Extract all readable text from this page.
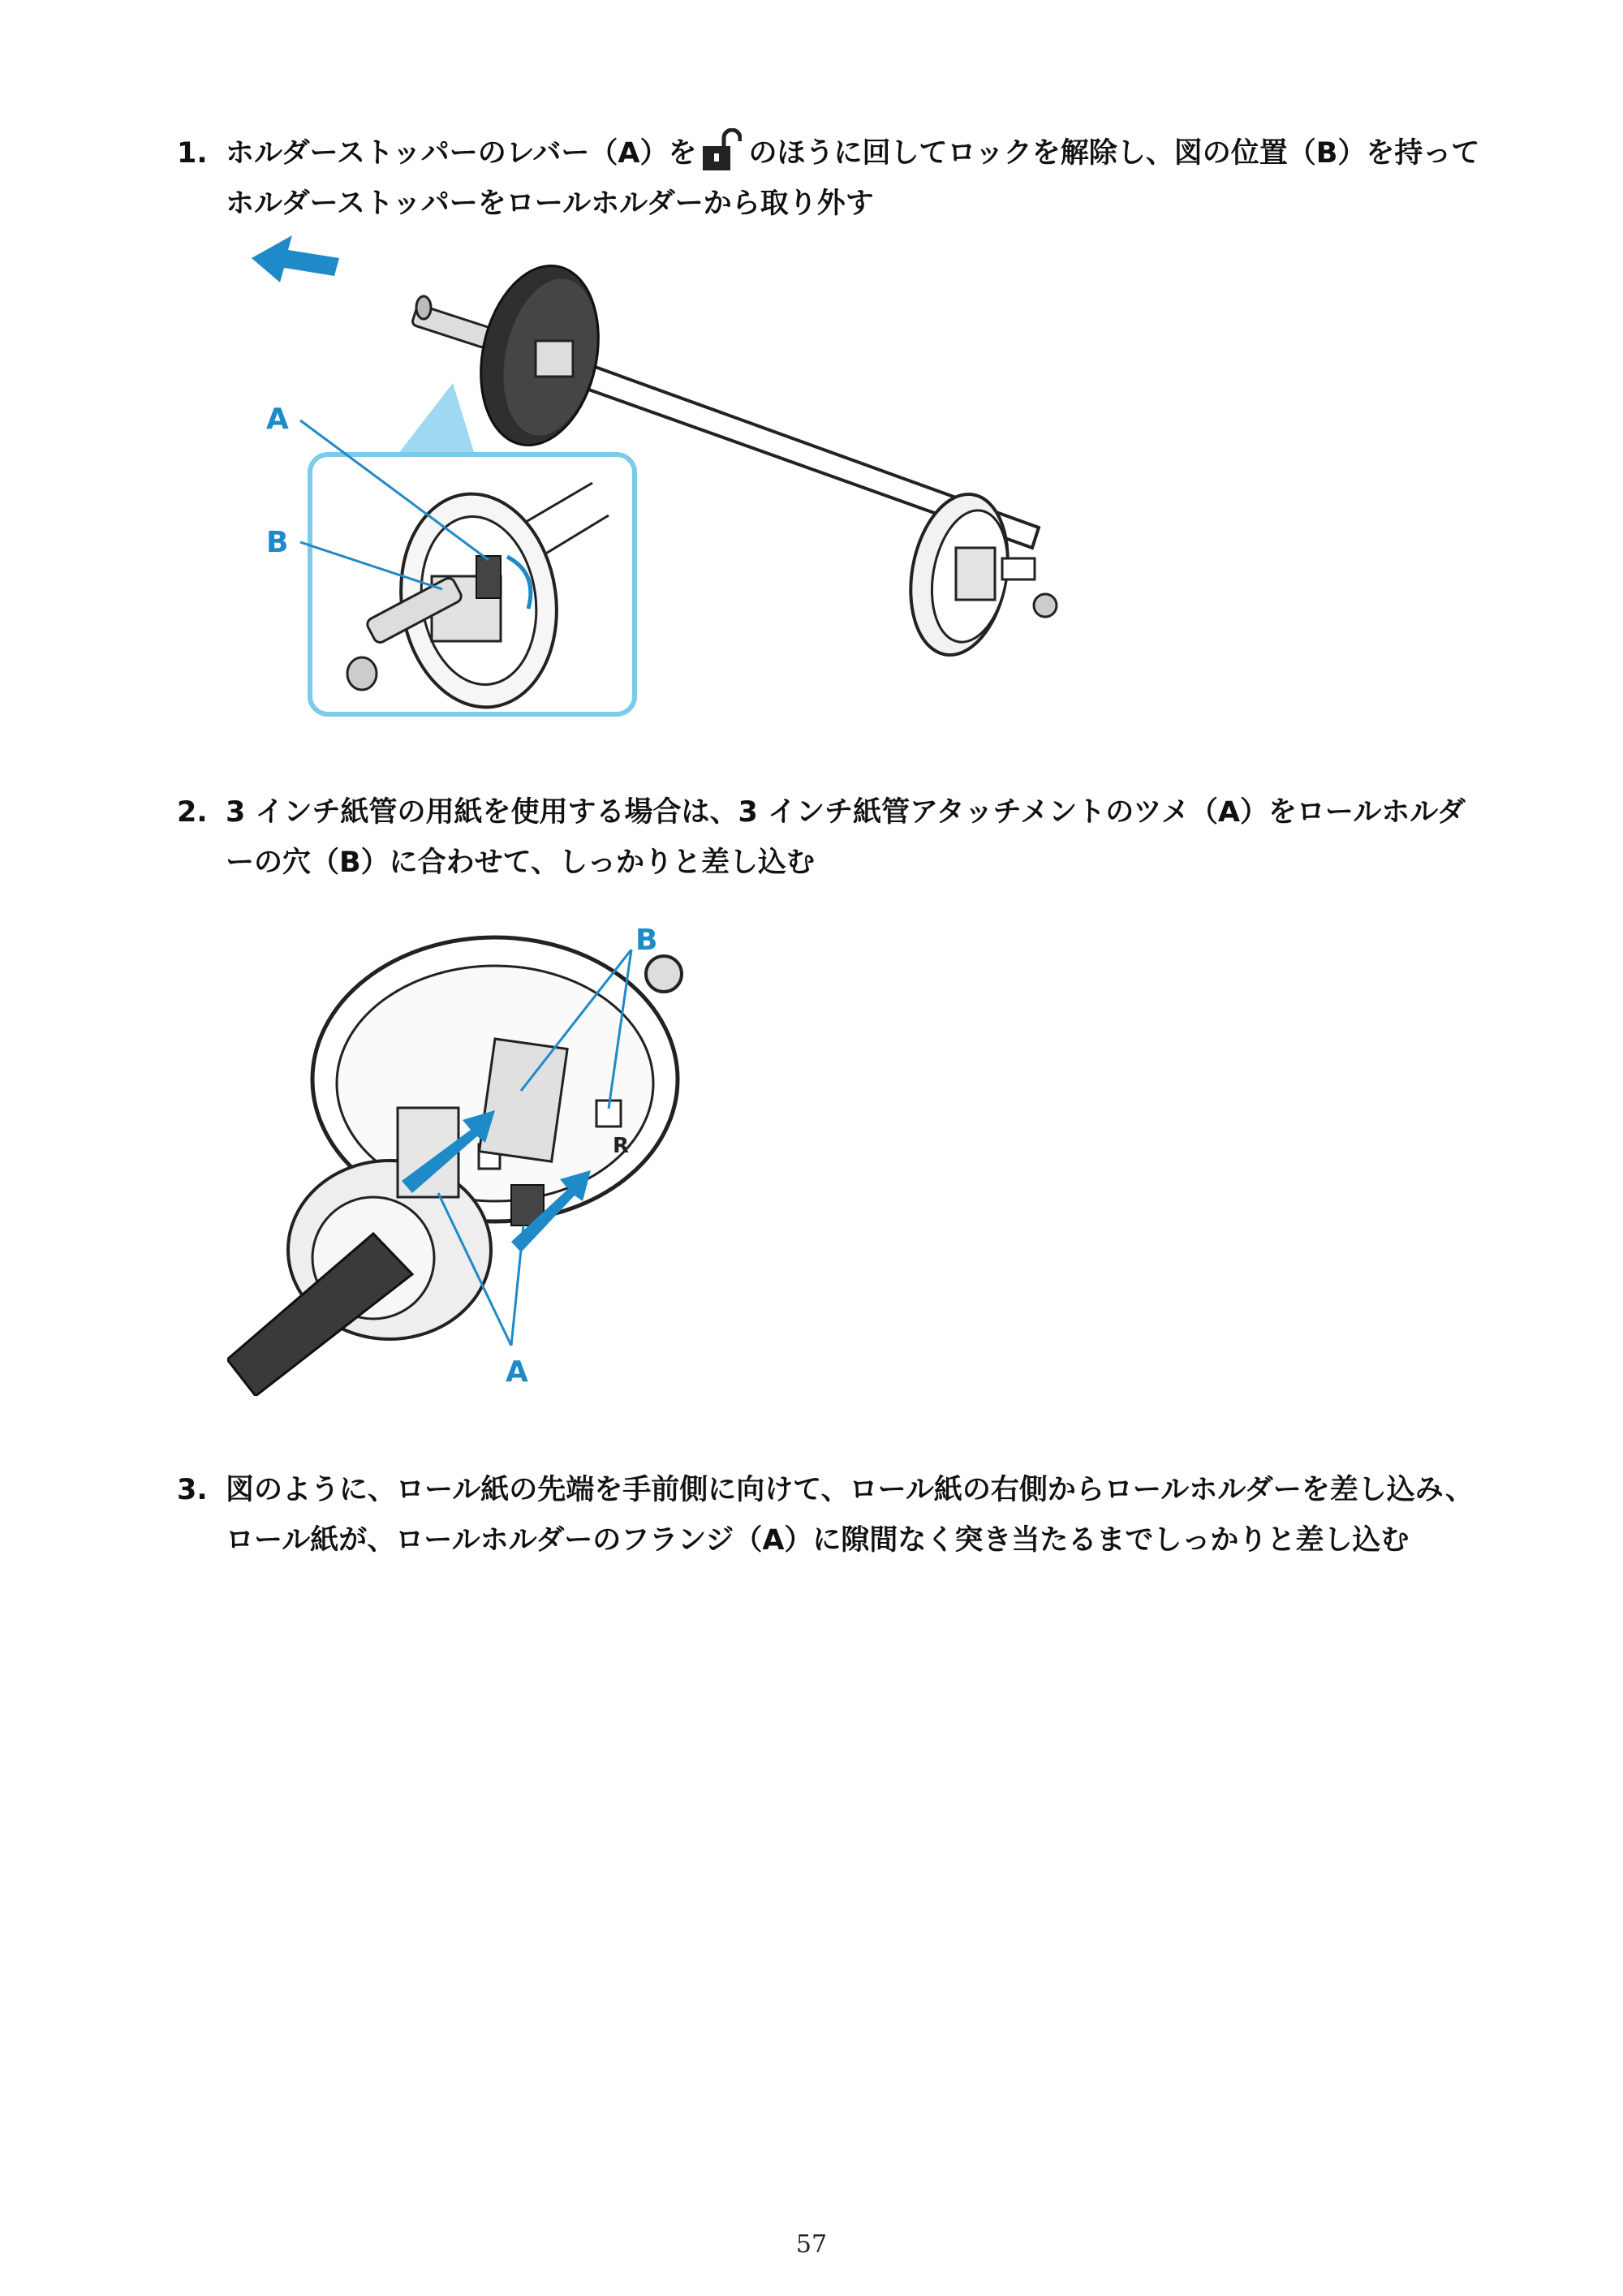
1. ホルダーストッパーのレバー（A）を のほうに回してロックを解除し、図の位置（B）を持ってホルダーストッパーをロールホルダーから取り外す
A
B
2. 3 インチ紙管の用紙を使用する場合は、3 インチ紙管アタッチメントのツメ（A）をロールホルダーの穴（B）に合わせて、しっかりと差し込む
R
B
A
3. 図のように、ロール紙の先端を手前側に向けて、ロール紙の右側からロールホルダーを差し込み、ロール紙が、ロールホルダーのフランジ（A）に隙間なく突き当たるまでしっかりと差し込む
57
